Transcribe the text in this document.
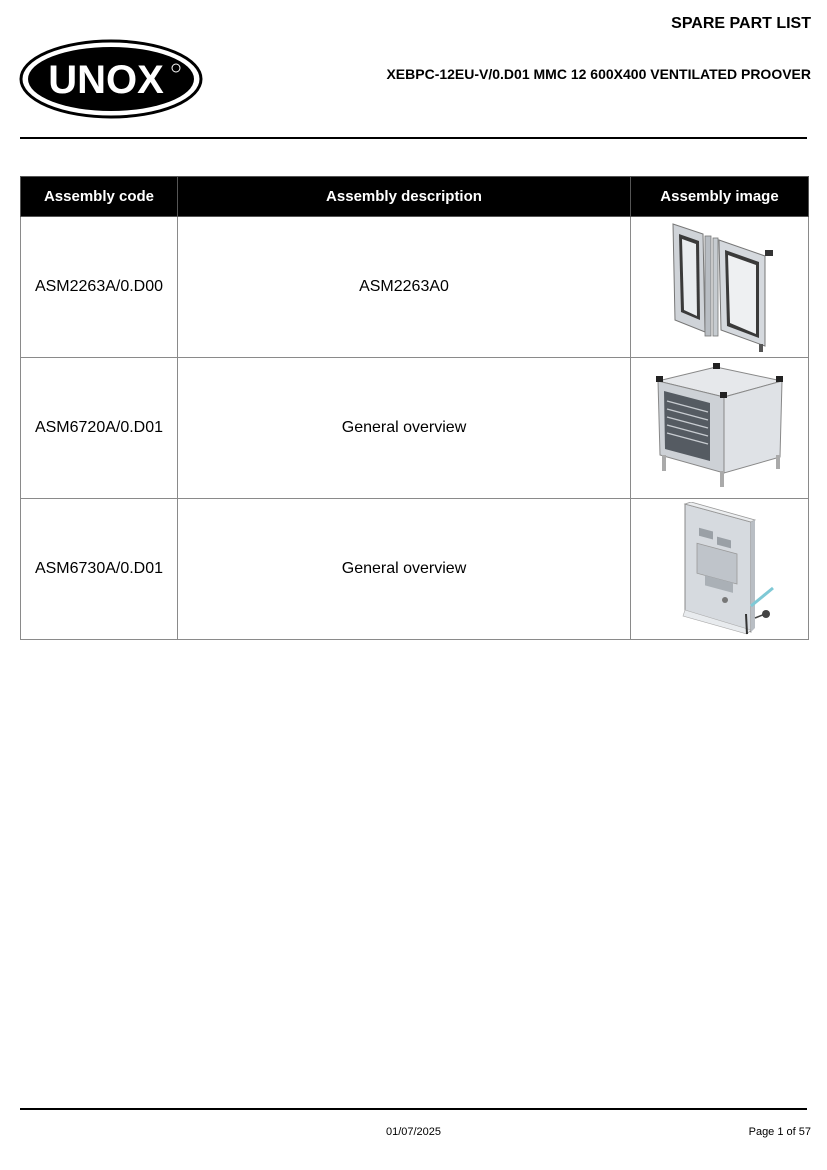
UNOX
SPARE PART LIST
XEBPC-12EU-V/0.D01 MMC 12 600X400 VENTILATED PROOVER
Assembly code	Assembly description	Assembly image
ASM2263A/0.D00	ASM2263A0	

ASM6720A/0.D01	General overview	

ASM6730A/0.D01	General overview	
01/07/2025	Page 1 of 57
